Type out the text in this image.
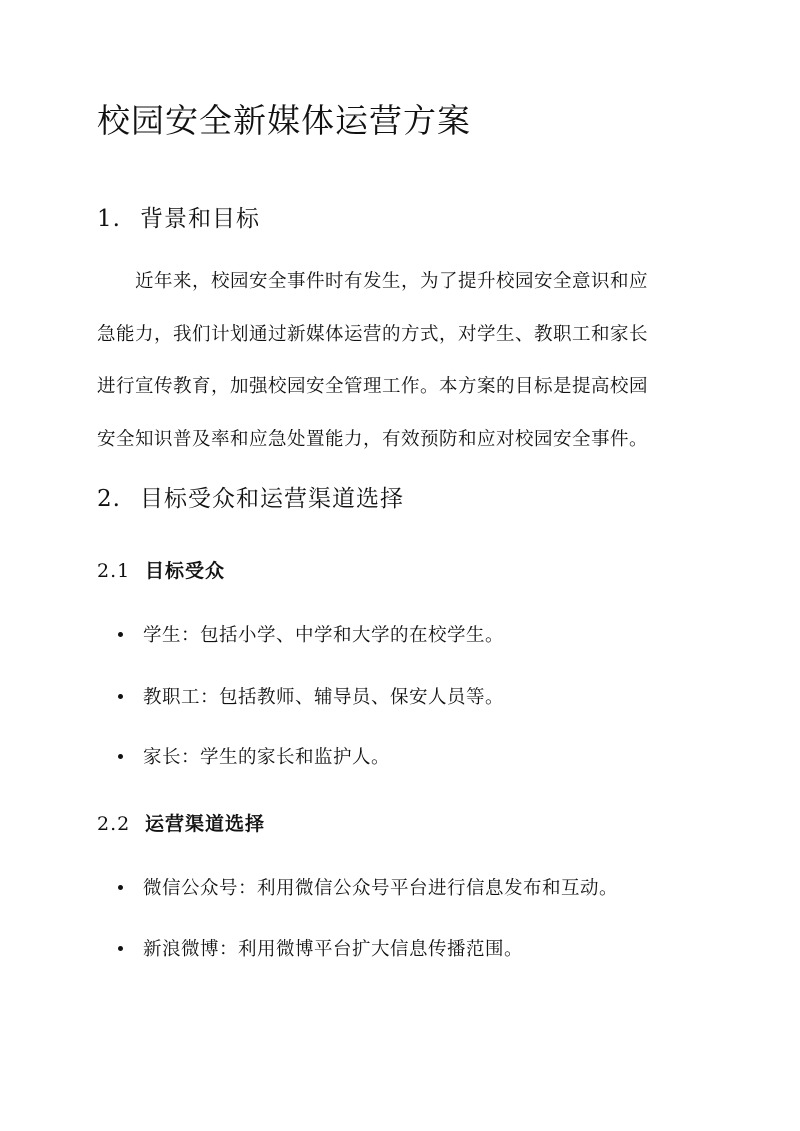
校园安全新媒体运营方案
1. 背景和目标
近年来，校园安全事件时有发生，为了提升校园安全意识和应
急能力，我们计划通过新媒体运营的方式，对学生、教职工和家长
进行宣传教育，加强校园安全管理工作。本方案的目标是提高校园
安全知识普及率和应急处置能力，有效预防和应对校园安全事件。
2. 目标受众和运营渠道选择
2.1 目标受众
学生：包括小学、中学和大学的在校学生。
教职工：包括教师、辅导员、保安人员等。
家长：学生的家长和监护人。
2.2 运营渠道选择
微信公众号：利用微信公众号平台进行信息发布和互动。
新浪微博：利用微博平台扩大信息传播范围。
